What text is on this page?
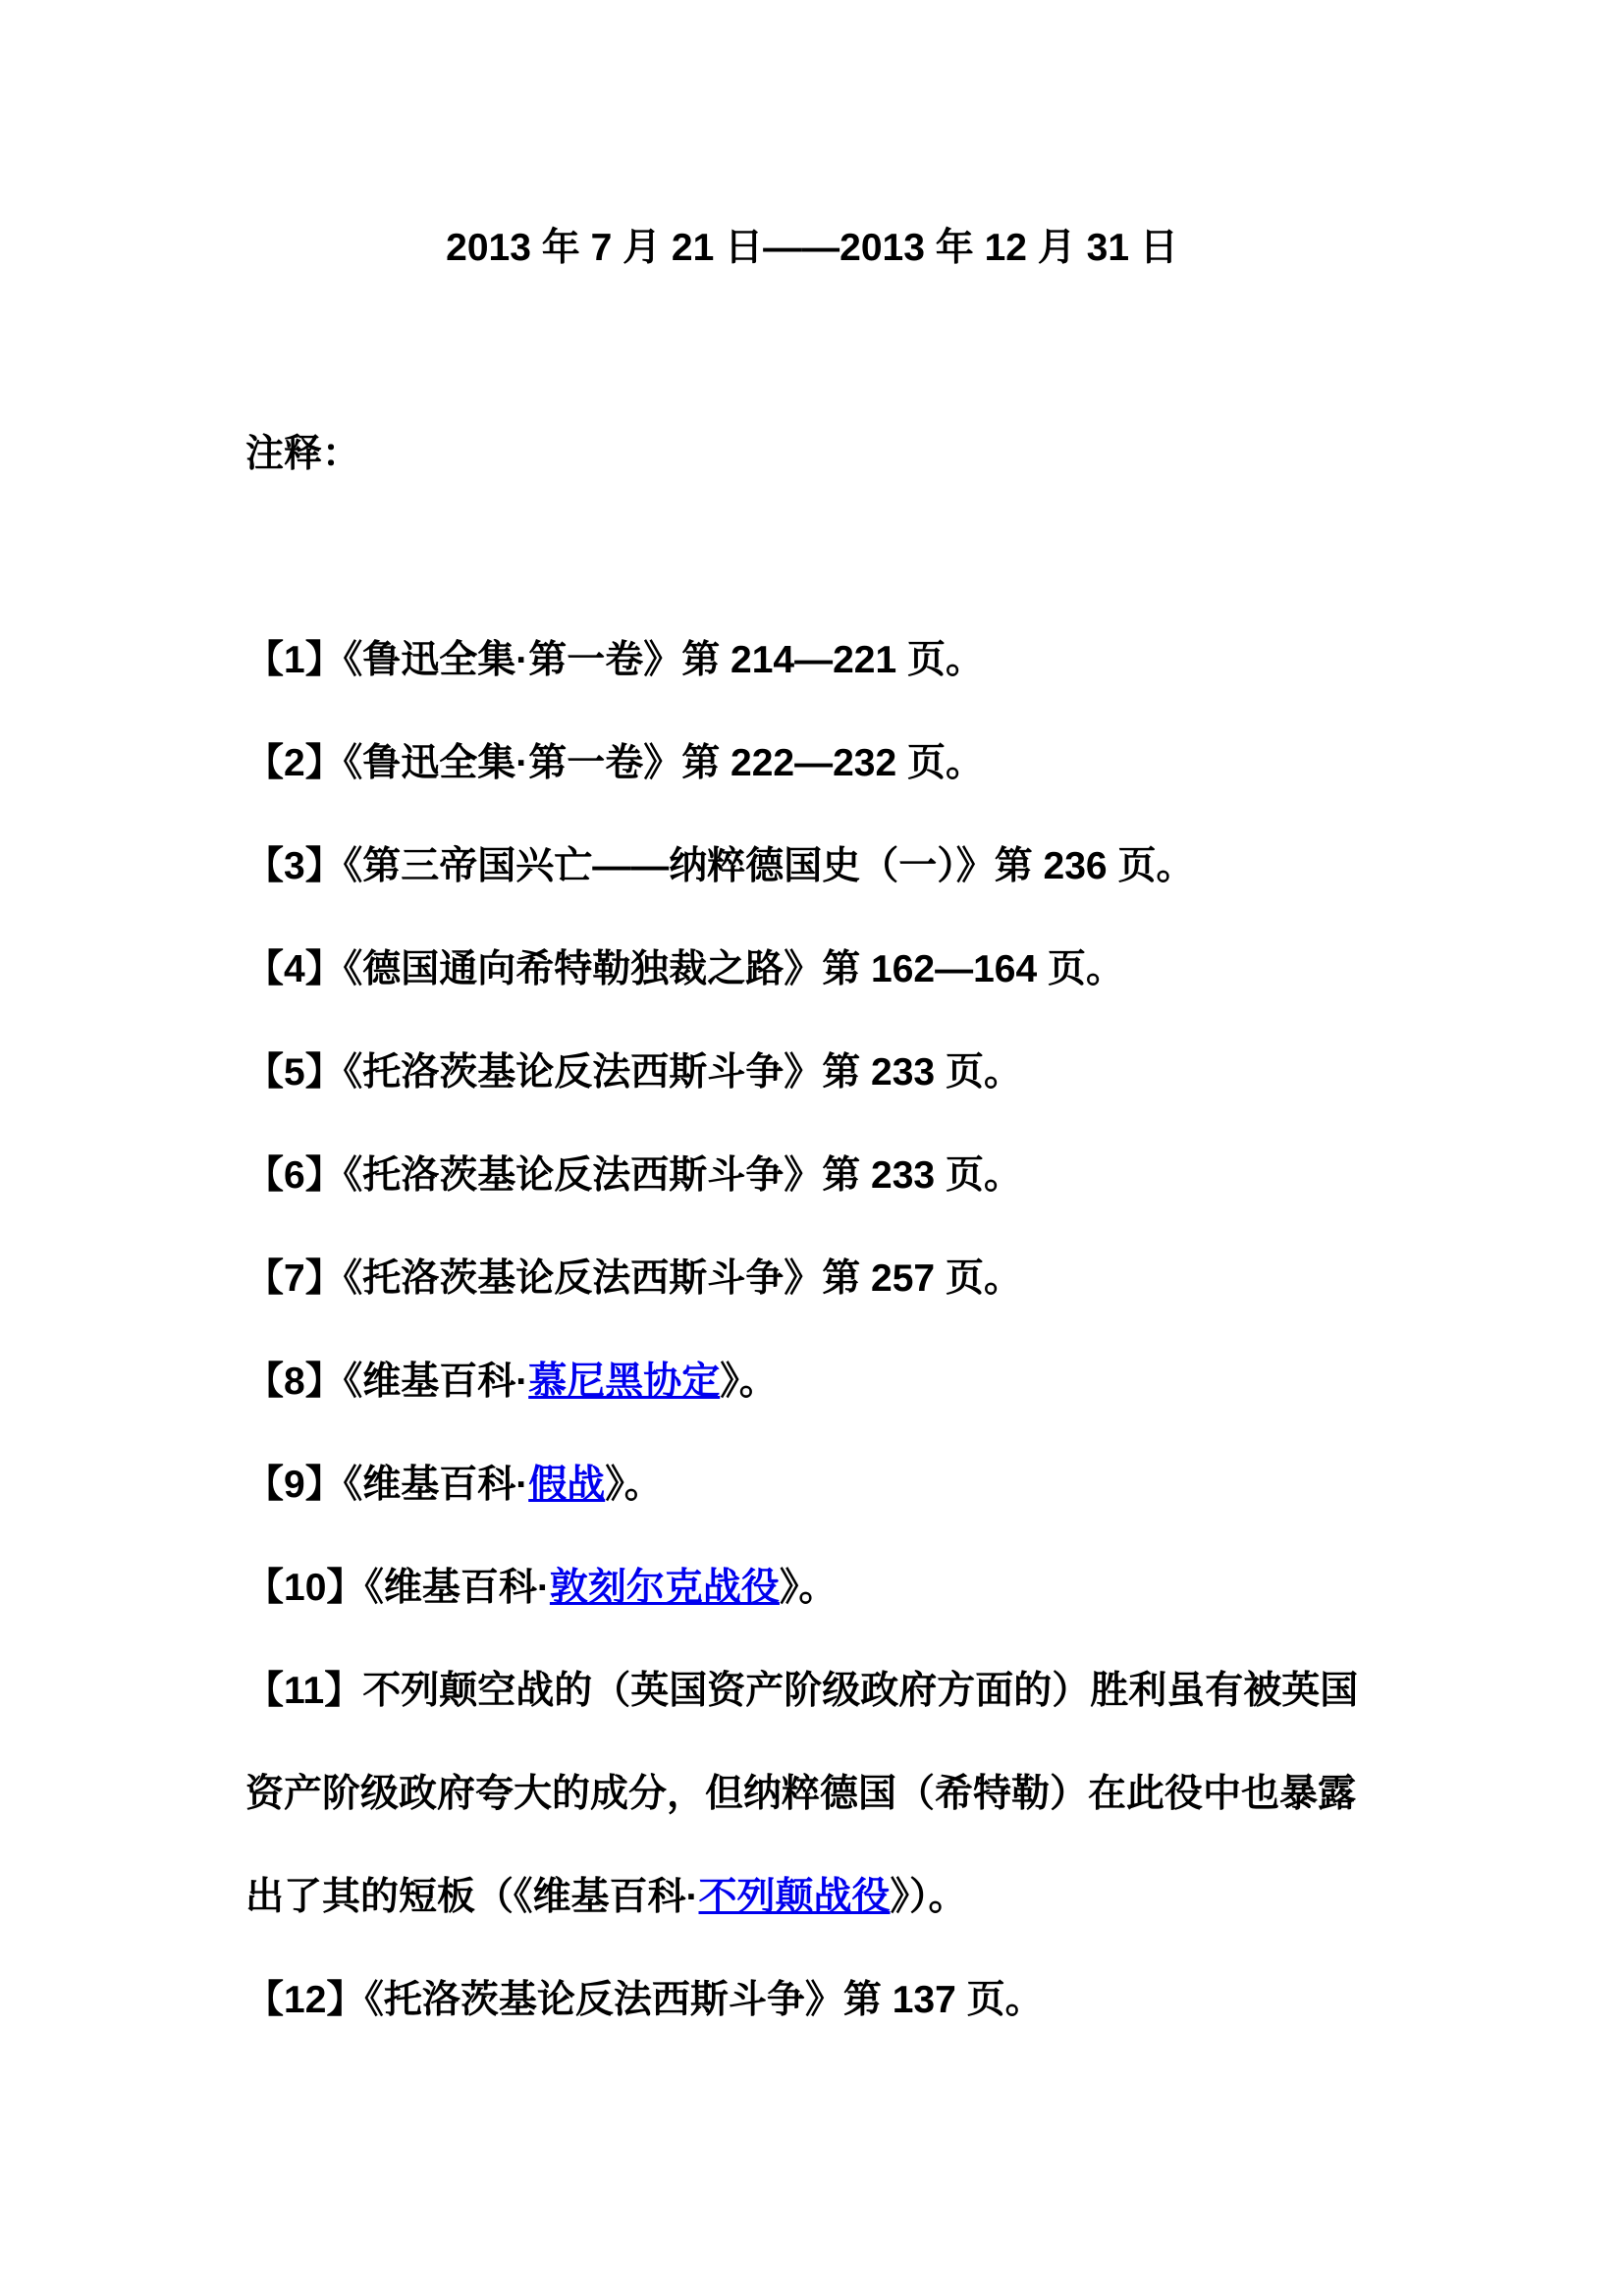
2013 年 7 月 21 日——2013 年 12 月 31 日

注释：

【1】《鲁迅全集·第一卷》第 214—221 页。

【2】《鲁迅全集·第一卷》第 222—232 页。

【3】《第三帝国兴亡——纳粹德国史（一）》第 236 页。

【4】《德国通向希特勒独裁之路》第 162—164 页。

【5】《托洛茨基论反法西斯斗争》第 233 页。

【6】《托洛茨基论反法西斯斗争》第 233 页。

【7】《托洛茨基论反法西斯斗争》第 257 页。

【8】《维基百科·慕尼黑协定》。

【9】《维基百科·假战》。

【10】《维基百科·敦刻尔克战役》。

【11】不列颠空战的（英国资产阶级政府方面的）胜利虽有被英国资产阶级政府夸大的成分，但纳粹德国（希特勒）在此役中也暴露出了其的短板（《维基百科·不列颠战役》）。

【12】《托洛茨基论反法西斯斗争》第 137 页。
